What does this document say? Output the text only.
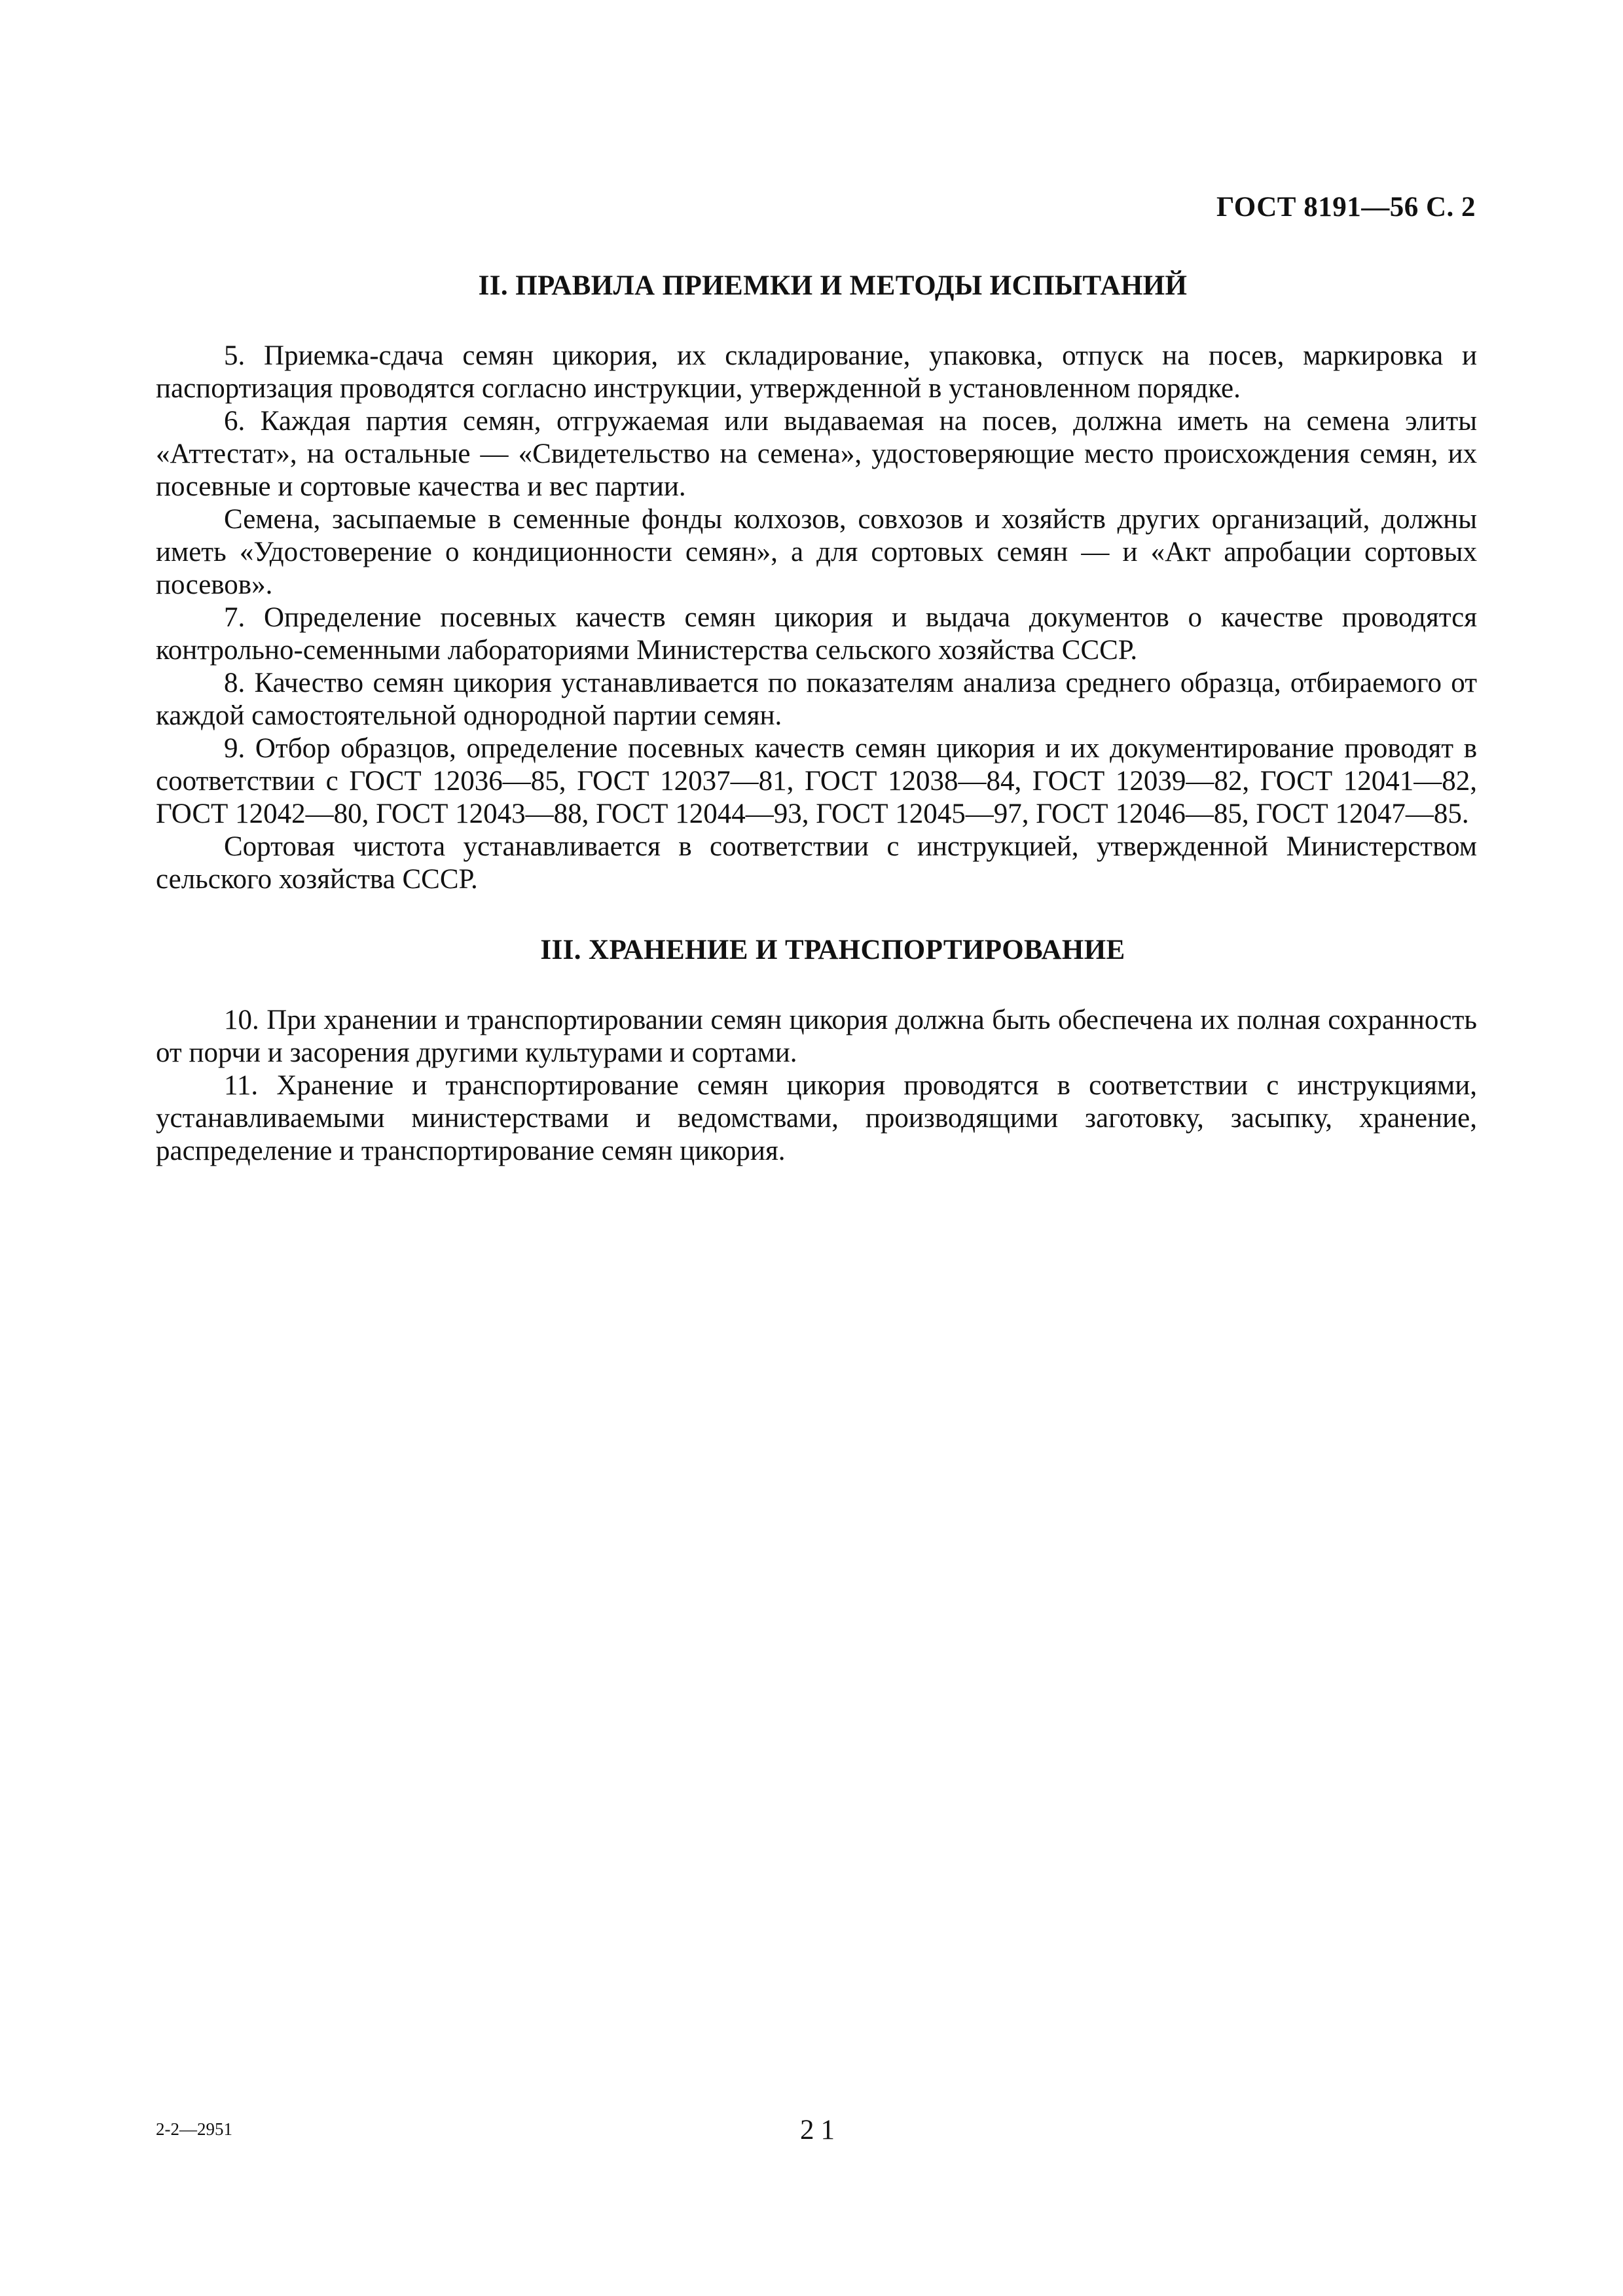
ГОСТ 8191—56 С. 2
II. ПРАВИЛА ПРИЕМКИ И МЕТОДЫ ИСПЫТАНИЙ

5. Приемка-сдача семян цикория, их складирование, упаковка, отпуск на посев, маркировка и паспортизация проводятся согласно инструкции, утвержденной в установленном порядке.

6. Каждая партия семян, отгружаемая или выдаваемая на посев, должна иметь на семена элиты «Аттестат», на остальные — «Свидетельство на семена», удостоверяющие место происхождения семян, их посевные и сортовые качества и вес партии.

Семена, засыпаемые в семенные фонды колхозов, совхозов и хозяйств других организаций, должны иметь «Удостоверение о кондиционности семян», а для сортовых семян — и «Акт апробации сортовых посевов».

7. Определение посевных качеств семян цикория и выдача документов о качестве проводятся контрольно-семенными лабораториями Министерства сельского хозяйства СССР.

8. Качество семян цикория устанавливается по показателям анализа среднего образца, отбираемого от каждой самостоятельной однородной партии семян.

9. Отбор образцов, определение посевных качеств семян цикория и их документирование проводят в соответствии с ГОСТ 12036—85, ГОСТ 12037—81, ГОСТ 12038—84, ГОСТ 12039—82, ГОСТ 12041—82, ГОСТ 12042—80, ГОСТ 12043—88, ГОСТ 12044—93, ГОСТ 12045—97, ГОСТ 12046—85, ГОСТ 12047—85.

Сортовая чистота устанавливается в соответствии с инструкцией, утвержденной Министерством сельского хозяйства СССР.

III. ХРАНЕНИЕ И ТРАНСПОРТИРОВАНИЕ

10. При хранении и транспортировании семян цикория должна быть обеспечена их полная сохранность от порчи и засорения другими культурами и сортами.

11. Хранение и транспортирование семян цикория проводятся в соответствии с инструкциями, устанавливаемыми министерствами и ведомствами, производящими заготовку, засыпку, хранение, распределение и транспортирование семян цикория.

2-2—2951	21
